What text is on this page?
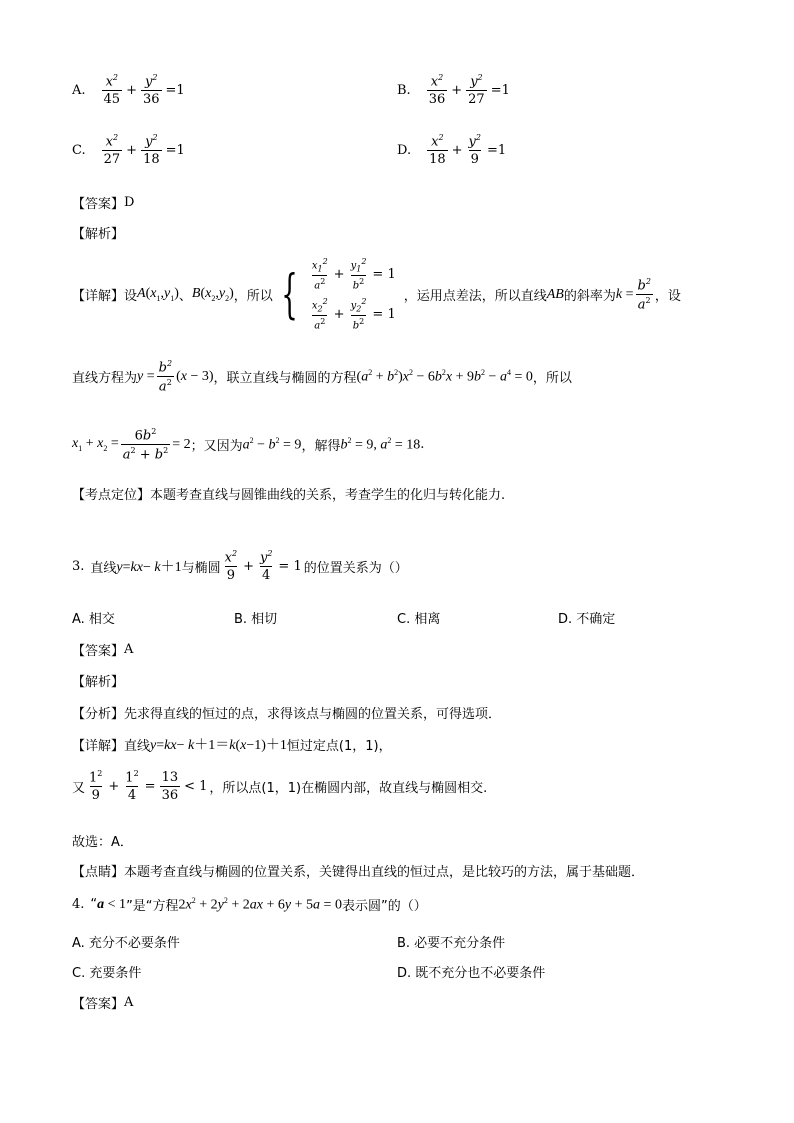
A. $\frac{x^2}{45} + \frac{y^2}{36} =1$	B. $\frac{x^2}{36} + \frac{y^2}{27} =1$
C. $\frac{x^2}{27} + \frac{y^2}{18} =1$	D. $\frac{x^2}{18} + \frac{y^2}{9} =1$
【答案】 D
【解析】
【详解】 设 $A(x_1,y_1)$ 、 $B(x_2,y_2)$ ，所以 { $\frac{x_1^2}{a^2} + \frac{y_1^2}{b^2} = 1$
$\frac{x_2^2}{a^2} + \frac{y_2^2}{b^2} = 1$
，运用点差法，所以直线 AB 的斜率为 $k = \frac{b^2}{a^2}$ ，设
直线方程为 $y = \frac{b^2}{a^2} (x - 3)$ ，联立直线与椭圆的方程 $(a^2 + b^2)x^2 - 6b^2x + 9b^2 - a^4 = 0$ ，所以
$x_1 + x_2 = \frac{6b^2}{a^2 + b^2} = 2$ ；又因为 $a^2 - b^2 = 9$ ，解得 $b^2 = 9$, $a^2 = 18$ .
【考点定位】 本题考查直线与圆锥曲线的关系，考查学生的化归与转化能力.
3. 直线 y=kx− k＋1 与椭圆 $\frac{x^2}{9} + \frac{y^2}{4} = 1$ 的位置关系为（）
A. 相交	B. 相切	C. 相离	D. 不确定
【答案】 A
【解析】
【分析】 先求得直线的恒过的点，求得该点与椭圆的位置关系，可得选项．
【详解】 直线 y=kx− k＋1＝k(x−1)＋1 恒过定点(1，1)，
又 $\frac{1^2}{9} + \frac{1^2}{4} = \frac{13}{36} < 1$ ，所以点(1，1)在椭圆内部，故直线与椭圆相交.
故选：A．
【点睛】 本题考查直线与椭圆的位置关系，关键得出直线的恒过点，是比较巧的方法，属于基础题．
4. “ a < 1 ”是“方程 $2x^2 + 2y^2 + 2ax + 6y + 5a = 0$ 表示圆”的（）
A. 充分不必要条件	B. 必要不充分条件
C. 充要条件	D. 既不充分也不必要条件
【答案】 A
